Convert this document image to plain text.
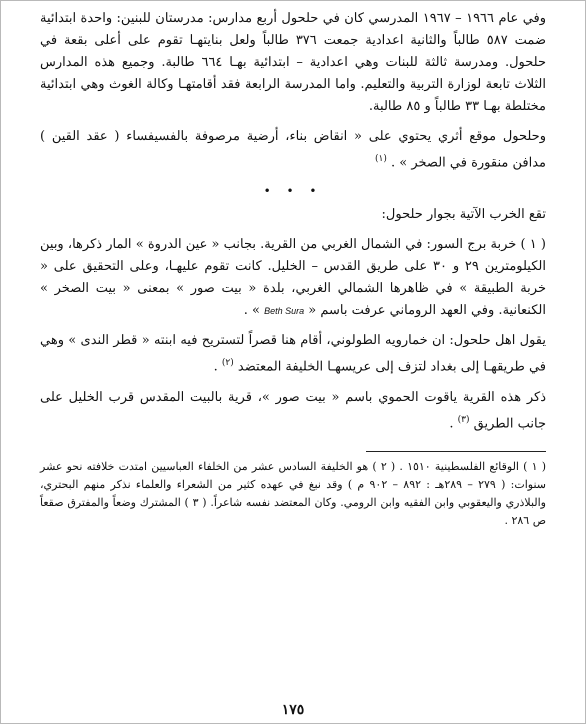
وفي عام ١٩٦٦ – ١٩٦٧ المدرسي كان في حلحول أربع مدارس: مدرستان للبنين: واحدة ابتدائية ضمت ٥٨٧ طالباً والثانية اعدادية جمعت ٣٧٦ طالباً ولعل بنايتهـا تقوم على أعلى بقعة في حلحول. ومدرسة ثالثة للبنات وهي اعدادية – ابتدائية بهـا ٦٦٤ طالبة. وجميع هذه المدارس الثلاث تابعة لوزارة التربية والتعليم. واما المدرسة الرابعة فقد أقامتهـا وكالة الغوث وهي ابتدائية مختلطة بهـا ٣٣ طالباً و ٨٥ طالبة.

وحلحول موقع أثري يحتوي على « انقاض بناء، أرضية مرصوفة بالفسيفساء ( عقد القين ) مدافن منقورة في الصخر » . $^{(١)}$

• • •

تقع الخرب الآتية بجوار حلحول:

( ١ ) خربة برج السور: في الشمال الغربي من القرية. بجانب « عين الدروة » المار ذكرها، وبين الكيلومترين ٢٩ و ٣٠ على طريق القدس – الخليل. كانت تقوم عليهـا، وعلى التحقيق على « خربة الطبيقة » في ظاهرها الشمالي الغربي، بلدة « بيت صور » بمعنى « بيت الصخر » الكنعانية. وفي العهد الروماني عرفت باسم « Beth Sura » .

يقول اهل حلحول: ان خمارويه الطولوني، أقام هنا قصراً لتستريح فيه ابنته « قطر الندى » وهي في طريقهـا إلى بغداد لتزف إلى عريسهـا الخليفة المعتضد $^{(٢)}$ .

ذكر هذه القرية ياقوت الحموي باسم « بيت صور »، قرية بالبيت المقدس قرب الخليل على جانب الطريق $^{(٣)}$ .

( ١ ) الوقائع الفلسطينية ١٥١٠ . ( ٢ ) هو الخليفة السادس عشر من الخلفاء العباسيين امتدت خلافته نحو عشر سنوات: ( ٢٧٩ – ٢٨٩هـ : ٨٩٢ – ٩٠٢ م ) وقد نبغ في عهده كثير من الشعراء والعلماء نذكر منهم البحتري، والبلاذري واليعقوبي وابن الفقيه وابن الرومي. وكان المعتضد نفسه شاعراً. ( ٣ ) المشترك وضعاً والمفترق صقعاً ص ٢٨٦ .

١٧٥
